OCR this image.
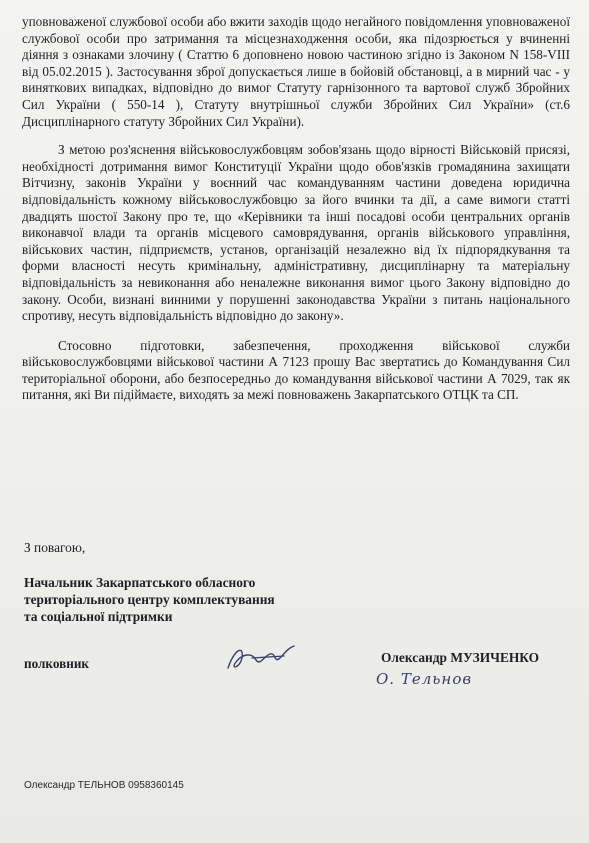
уповноваженої службової особи або вжити заходів щодо негайного повідомлення уповноваженої службової особи про затримання та місцезнаходження особи, яка підозрюється у вчиненні діяння з ознаками злочину ( Статтю 6 доповнено новою частиною згідно із Законом N 158-VIII від 05.02.2015 ). Застосування зброї допускається лише в бойовій обстановці, а в мирний час - у виняткових випадках, відповідно до вимог Статуту гарнізонного та вартової служб Збройних Сил України ( 550-14 ), Статуту внутрішньої служби Збройних Сил України» (ст.6 Дисциплінарного статуту Збройних Сил України).

З метою роз'яснення військовослужбовцям зобов'язань щодо вірності Військовій присязі, необхідності дотримання вимог Конституції України щодо обов'язків громадянина захищати Вітчизну, законів України у воєнний час командуванням частини доведена юридична відповідальність кожному військовослужбовцю за його вчинки та дії, а саме вимоги статті двадцять шостої Закону про те, що «Керівники та інші посадові особи центральних органів виконавчої влади та органів місцевого самоврядування, органів військового управління, військових частин, підприємств, установ, організацій незалежно від їх підпорядкування та форми власності несуть кримінальну, адміністративну, дисциплінарну та матеріальну відповідальність за невиконання або неналежне виконання вимог цього Закону відповідно до закону. Особи, визнані винними у порушенні законодавства України з питань національного спротиву, несуть відповідальність відповідно до закону».

Стосовно підготовки, забезпечення, проходження військової служби військовослужбовцями військової частини А 7123 прошу Вас звертатись до Командування Сил територіальної оборони, або безпосередньо до командування військової частини А 7029, так як питання, які Ви підіймаєте, виходять за межі повноважень Закарпатського ОТЦК та СП.

З повагою,
Начальник Закарпатського обласного
територіального центру комплектування
та соціальної підтримки
полковник	Олександр МУЗИЧЕНКО
О. Тельнов
Олександр ТЕЛЬНОВ 0958360145
